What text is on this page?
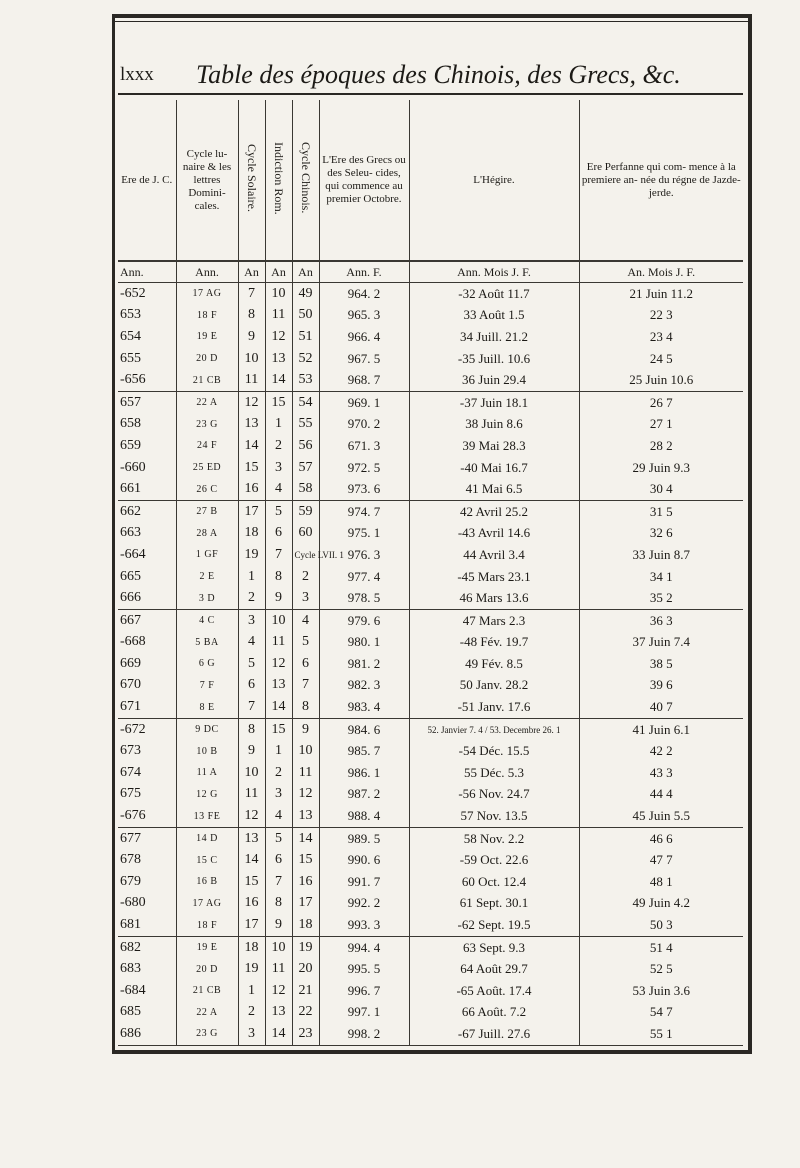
lxxx Table des époques des Chinois, des Grecs, &c.
Ere de J. C.	Cycle lu- naire & les lettres Domini- cales.	Cycle Solaire.	Indiction Rom.	Cycle Chinois.	L'Ere des Grecs ou des Seleu- cides, qui commence au premier Octobre.	L'Hégire.	Ere Perfanne qui com- mence à la premiere an- née du régne de Jazde- jerde.
Ann.	Ann.	An	An	An	Ann. F.	Ann. Mois J. F.	An. Mois J. F.
-652	17 AG	7	10	49	964. 2	-32 Août 11.7	21 Juin 11.2
653	18 F	8	11	50	965. 3	33 Août 1.5	22 3
654	19 E	9	12	51	966. 4	34 Juill. 21.2	23 4
655	20 D	10	13	52	967. 5	-35 Juill. 10.6	24 5
-656	21 CB	11	14	53	968. 7	36 Juin 29.4	25 Juin 10.6
657	22 A	12	15	54	969. 1	-37 Juin 18.1	26 7
658	23 G	13	1	55	970. 2	38 Juin 8.6	27 1
659	24 F	14	2	56	671. 3	39 Mai 28.3	28 2
-660	25 ED	15	3	57	972. 5	-40 Mai 16.7	29 Juin 9.3
661	26 C	16	4	58	973. 6	41 Mai 6.5	30 4
662	27 B	17	5	59	974. 7	42 Avril 25.2	31 5
663	28 A	18	6	60	975. 1	-43 Avril 14.6	32 6
-664	1 GF	19	7	Cycle LVII. 1	976. 3	44 Avril 3.4	33 Juin 8.7
665	2 E	1	8	2	977. 4	-45 Mars 23.1	34 1
666	3 D	2	9	3	978. 5	46 Mars 13.6	35 2
667	4 C	3	10	4	979. 6	47 Mars 2.3	36 3
-668	5 BA	4	11	5	980. 1	-48 Fév. 19.7	37 Juin 7.4
669	6 G	5	12	6	981. 2	49 Fév. 8.5	38 5
670	7 F	6	13	7	982. 3	50 Janv. 28.2	39 6
671	8 E	7	14	8	983. 4	-51 Janv. 17.6	40 7
-672	9 DC	8	15	9	984. 6	52. Janvier 7. 4 / 53. Decembre 26. 1	41 Juin 6.1
673	10 B	9	1	10	985. 7	-54 Déc. 15.5	42 2
674	11 A	10	2	11	986. 1	55 Déc. 5.3	43 3
675	12 G	11	3	12	987. 2	-56 Nov. 24.7	44 4
-676	13 FE	12	4	13	988. 4	57 Nov. 13.5	45 Juin 5.5
677	14 D	13	5	14	989. 5	58 Nov. 2.2	46 6
678	15 C	14	6	15	990. 6	-59 Oct. 22.6	47 7
679	16 B	15	7	16	991. 7	60 Oct. 12.4	48 1
-680	17 AG	16	8	17	992. 2	61 Sept. 30.1	49 Juin 4.2
681	18 F	17	9	18	993. 3	-62 Sept. 19.5	50 3
682	19 E	18	10	19	994. 4	63 Sept. 9.3	51 4
683	20 D	19	11	20	995. 5	64 Août 29.7	52 5
-684	21 CB	1	12	21	996. 7	-65 Août. 17.4	53 Juin 3.6
685	22 A	2	13	22	997. 1	66 Août. 7.2	54 7
686	23 G	3	14	23	998. 2	-67 Juill. 27.6	55 1
